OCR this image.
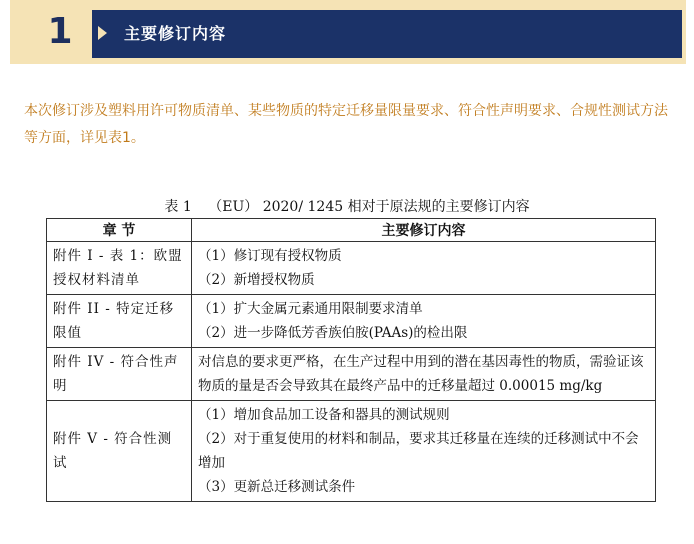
1	主要修订内容
本次修订涉及塑料用许可物质清单、某些物质的特定迁移量限量要求、符合性声明要求、合规性测试方法等方面，详见表1。
表 1 （EU） 2020/ 1245 相对于原法规的主要修订内容
章 节	主要修订内容
附件 I - 表 1：欧盟授权材料清单	（1）修订现有授权物质
（2）新增授权物质

附件 II - 特定迁移限值	（1）扩大金属元素通用限制要求清单
（2）进一步降低芳香族伯胺(PAAs)的检出限

附件 IV - 符合性声明	对信息的要求更严格，在生产过程中用到的潜在基因毒性的物质，需验证该物质的量是否会导致其在最终产品中的迁移量超过 0.00015 mg/kg

附件 V - 符合性测试	（1）增加食品加工设备和器具的测试规则
（2）对于重复使用的材料和制品，要求其迁移量在连续的迁移测试中不会增加
（3）更新总迁移测试条件
